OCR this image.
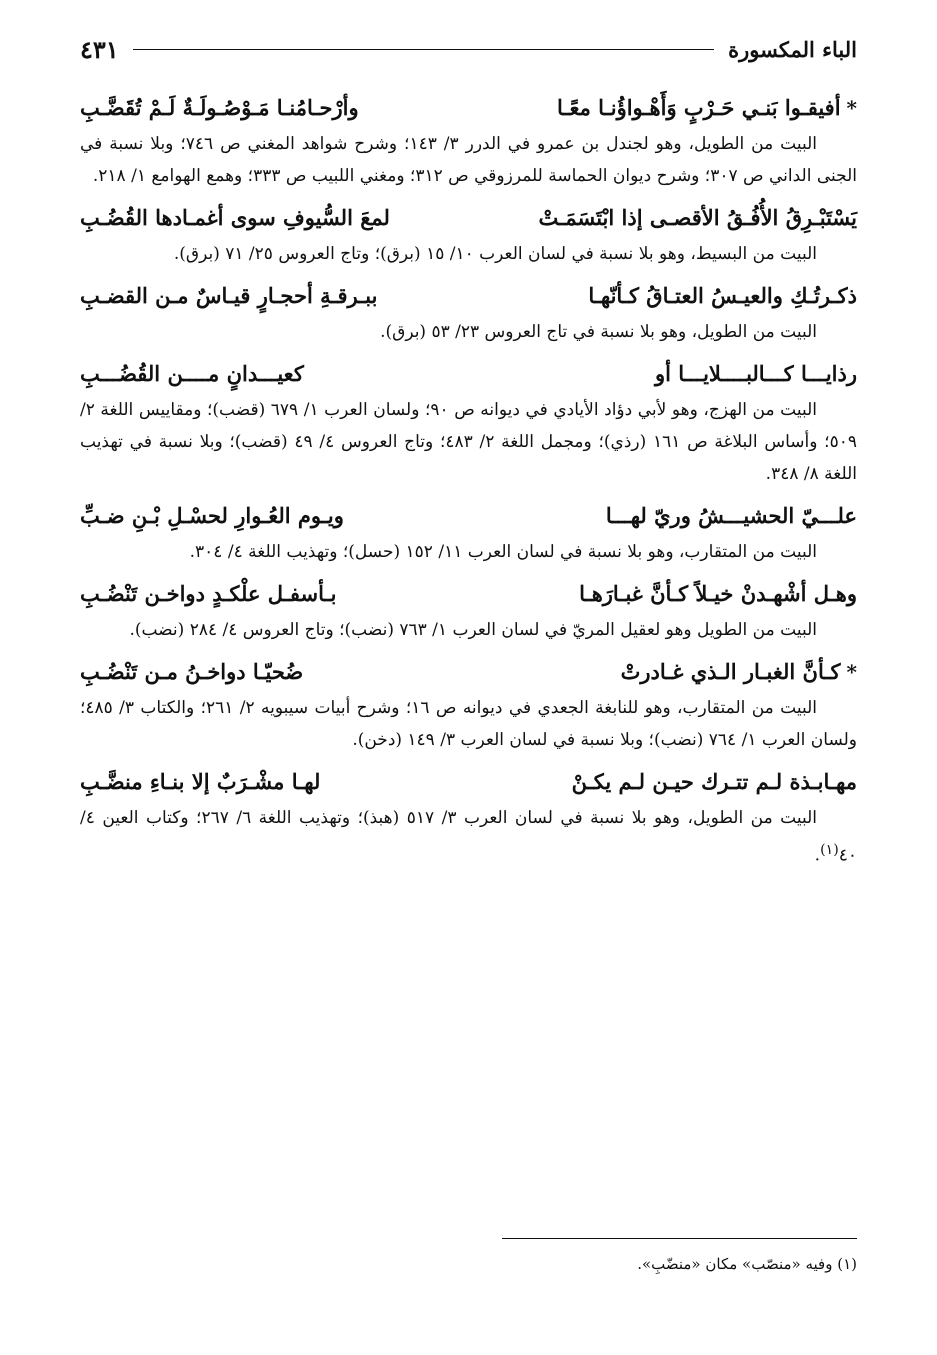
الباء المكسورة
٤٣١
*
أفيقـوا بَنـي حَـرْبٍ وَأَهْـواؤُنـا معًـا
وأرْحـامُنـا مَـوْصُـولَـةٌ لَـمْ تُقَضَّـبِ

البيت من الطويل، وهو لجندل بن عمرو في الدرر ٣/ ١٤٣؛ وشرح شواهد المغني ص ٧٤٦؛ وبلا نسبة في الجنى الداني ص ٣٠٧؛ وشرح ديوان الحماسة للمرزوقي ص ٣١٢؛ ومغني اللبيب ص ٣٣٣؛ وهمع الهوامع ١/ ٢١٨.

يَسْتَبْـرِقُ الأُفُـقُ الأقصـى إذا ابْتَسَمَـتْ
لمعَ السُّيوفِ سوى أغمـادها القُضُـبِ

البيت من البسيط، وهو بلا نسبة في لسان العرب ١٠/ ١٥ (برق)؛ وتاج العروس ٢٥/ ٧١ (برق).

ذكـرتُـكِ والعيـسُ العتـاقُ كـأنّهـا
ببـرقـةِ أحجـارٍ قيـاسٌ مـن القضـبِ

البيت من الطويل، وهو بلا نسبة في تاج العروس ٢٣/ ٥٣ (برق).

رذايـــا كـــالبــــلايـــا أو
كعيـــدانٍ مــــن القُضُـــبِ

البيت من الهزج، وهو لأبي دؤاد الأيادي في ديوانه ص ٩٠؛ ولسان العرب ١/ ٦٧٩ (قضب)؛ ومقاييس اللغة ٢/ ٥٠٩؛ وأساس البلاغة ص ١٦١ (رذي)؛ ومجمل اللغة ٢/ ٤٨٣؛ وتاج العروس ٤/ ٤٩ (قضب)؛ وبلا نسبة في تهذيب اللغة ٨/ ٣٤٨.

علـــيّ الحشيـــشُ وريّ لهـــا
ويـوم العُـوارِ لحسْـلِ بْـنِ ضـبِّ

البيت من المتقارب، وهو بلا نسبة في لسان العرب ١١/ ١٥٢ (حسل)؛ وتهذيب اللغة ٤/ ٣٠٤.

وهـل أشْهـدنْ خيـلاً كـأنَّ غبـارَهـا
بـأسفـل علْكـدٍ دواخـن تَنْضُـبِ

البيت من الطويل وهو لعقيل المريّ في لسان العرب ١/ ٧٦٣ (نضب)؛ وتاج العروس ٤/ ٢٨٤ (نضب).

*
كـأنَّ الغبـار الـذي غـادرتْ
ضُحيّـا دواخـنُ مـن تَنْضُـبِ

البيت من المتقارب، وهو للنابغة الجعدي في ديوانه ص ١٦؛ وشرح أبيات سيبويه ٢/ ٢٦١؛ والكتاب ٣/ ٤٨٥؛ ولسان العرب ١/ ٧٦٤ (نضب)؛ وبلا نسبة في لسان العرب ٣/ ١٤٩ (دخن).

مهـابـذة لـم تتـرك حيـن لـم يكـنْ
لهـا مشْـرَبٌ إلا بنـاءِ منضَّـبِ

البيت من الطويل، وهو بلا نسبة في لسان العرب ٣/ ٥١٧ (هبذ)؛ وتهذيب اللغة ٦/ ٢٦٧؛ وكتاب العين ٤/ ٤٠$^{(١)}$.

(١) وفيه «منصّب» مكان «منضّبِ».
